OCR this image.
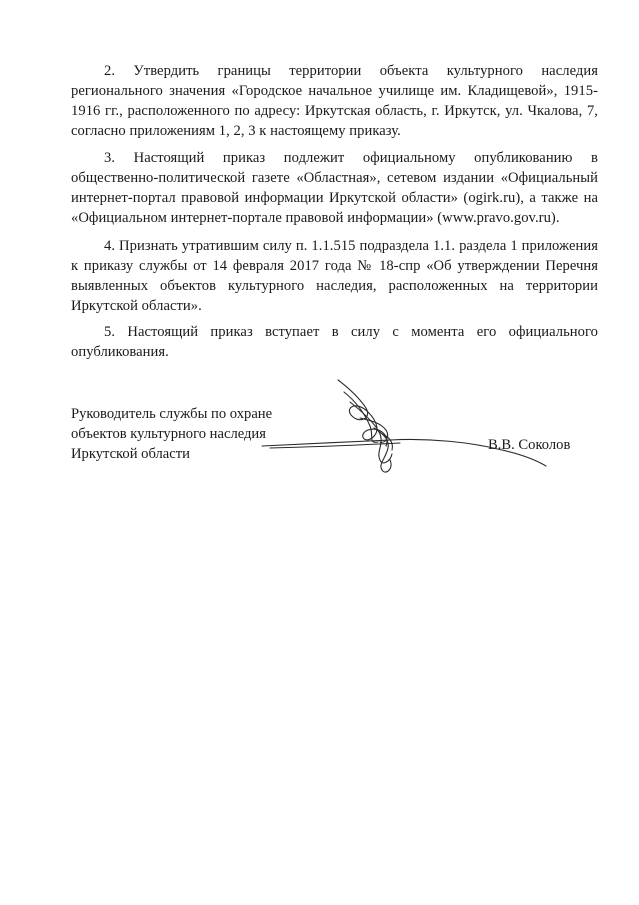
2. Утвердить границы территории объекта культурного наследия регионального значения «Городское начальное училище им. Кладищевой», 1915-1916 гг., расположенного по адресу: Иркутская область, г. Иркутск, ул. Чкалова, 7, согласно приложениям 1, 2, 3 к настоящему приказу.

3. Настоящий приказ подлежит официальному опубликованию в общественно-политической газете «Областная», сетевом издании «Официальный интернет-портал правовой информации Иркутской области» (ogirk.ru), а также на «Официальном интернет-портале правовой информации» (www.pravo.gov.ru).

4. Признать утратившим силу п. 1.1.515 подраздела 1.1. раздела 1 приложения к приказу службы от 14 февраля 2017 года № 18-спр «Об утверждении Перечня выявленных объектов культурного наследия, расположенных на территории Иркутской области».

5. Настоящий приказ вступает в силу с момента его официального опубликования.

Руководитель службы по охране
объектов культурного наследия
Иркутской области
В.В. Соколов
